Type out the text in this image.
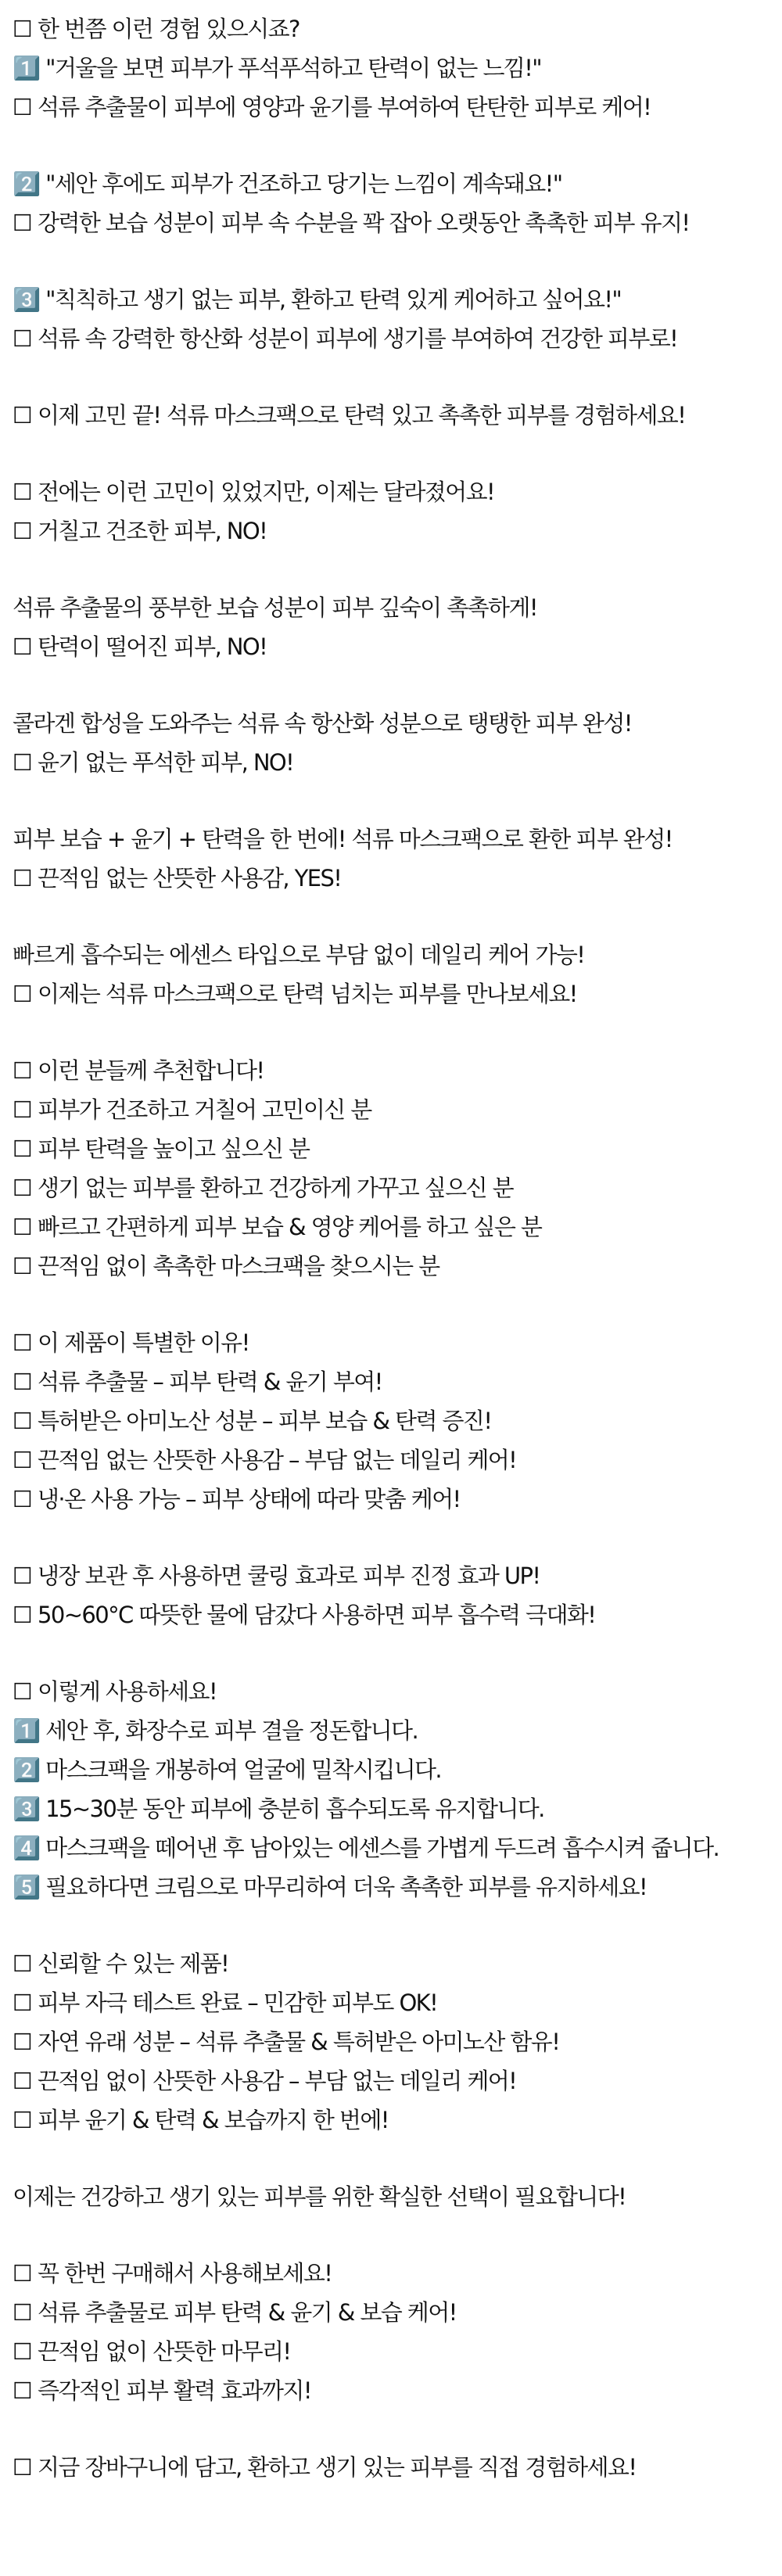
☐ 한 번쯤 이런 경험 있으시죠?

1️⃣ "거울을 보면 피부가 푸석푸석하고 탄력이 없는 느낌!"

☐ 석류 추출물이 피부에 영양과 윤기를 부여하여 탄탄한 피부로 케어!

2️⃣ "세안 후에도 피부가 건조하고 당기는 느낌이 계속돼요!"

☐ 강력한 보습 성분이 피부 속 수분을 꽉 잡아 오랫동안 촉촉한 피부 유지!

3️⃣ "칙칙하고 생기 없는 피부, 환하고 탄력 있게 케어하고 싶어요!"

☐ 석류 속 강력한 항산화 성분이 피부에 생기를 부여하여 건강한 피부로!

☐ 이제 고민 끝! 석류 마스크팩으로 탄력 있고 촉촉한 피부를 경험하세요!

☐ 전에는 이런 고민이 있었지만, 이제는 달라졌어요!

☐ 거칠고 건조한 피부, NO!

석류 추출물의 풍부한 보습 성분이 피부 깊숙이 촉촉하게!

☐ 탄력이 떨어진 피부, NO!

콜라겐 합성을 도와주는 석류 속 항산화 성분으로 탱탱한 피부 완성!

☐ 윤기 없는 푸석한 피부, NO!

피부 보습 + 윤기 + 탄력을 한 번에! 석류 마스크팩으로 환한 피부 완성!

☐ 끈적임 없는 산뜻한 사용감, YES!

빠르게 흡수되는 에센스 타입으로 부담 없이 데일리 케어 가능!

☐ 이제는 석류 마스크팩으로 탄력 넘치는 피부를 만나보세요!

☐ 이런 분들께 추천합니다!

☐ 피부가 건조하고 거칠어 고민이신 분

☐ 피부 탄력을 높이고 싶으신 분

☐ 생기 없는 피부를 환하고 건강하게 가꾸고 싶으신 분

☐ 빠르고 간편하게 피부 보습 & 영양 케어를 하고 싶은 분

☐ 끈적임 없이 촉촉한 마스크팩을 찾으시는 분

☐ 이 제품이 특별한 이유!

☐ 석류 추출물 – 피부 탄력 & 윤기 부여!

☐ 특허받은 아미노산 성분 – 피부 보습 & 탄력 증진!

☐ 끈적임 없는 산뜻한 사용감 – 부담 없는 데일리 케어!

☐ 냉·온 사용 가능 – 피부 상태에 따라 맞춤 케어!

☐ 냉장 보관 후 사용하면 쿨링 효과로 피부 진정 효과 UP!

☐ 50~60°C 따뜻한 물에 담갔다 사용하면 피부 흡수력 극대화!

☐ 이렇게 사용하세요!

1️⃣ 세안 후, 화장수로 피부 결을 정돈합니다.

2️⃣ 마스크팩을 개봉하여 얼굴에 밀착시킵니다.

3️⃣ 15~30분 동안 피부에 충분히 흡수되도록 유지합니다.

4️⃣ 마스크팩을 떼어낸 후 남아있는 에센스를 가볍게 두드려 흡수시켜 줍니다.

5️⃣ 필요하다면 크림으로 마무리하여 더욱 촉촉한 피부를 유지하세요!

☐ 신뢰할 수 있는 제품!

☐ 피부 자극 테스트 완료 – 민감한 피부도 OK!

☐ 자연 유래 성분 – 석류 추출물 & 특허받은 아미노산 함유!

☐ 끈적임 없이 산뜻한 사용감 – 부담 없는 데일리 케어!

☐ 피부 윤기 & 탄력 & 보습까지 한 번에!

이제는 건강하고 생기 있는 피부를 위한 확실한 선택이 필요합니다!

☐ 꼭 한번 구매해서 사용해보세요!

☐ 석류 추출물로 피부 탄력 & 윤기 & 보습 케어!

☐ 끈적임 없이 산뜻한 마무리!

☐ 즉각적인 피부 활력 효과까지!

☐ 지금 장바구니에 담고, 환하고 생기 있는 피부를 직접 경험하세요!
